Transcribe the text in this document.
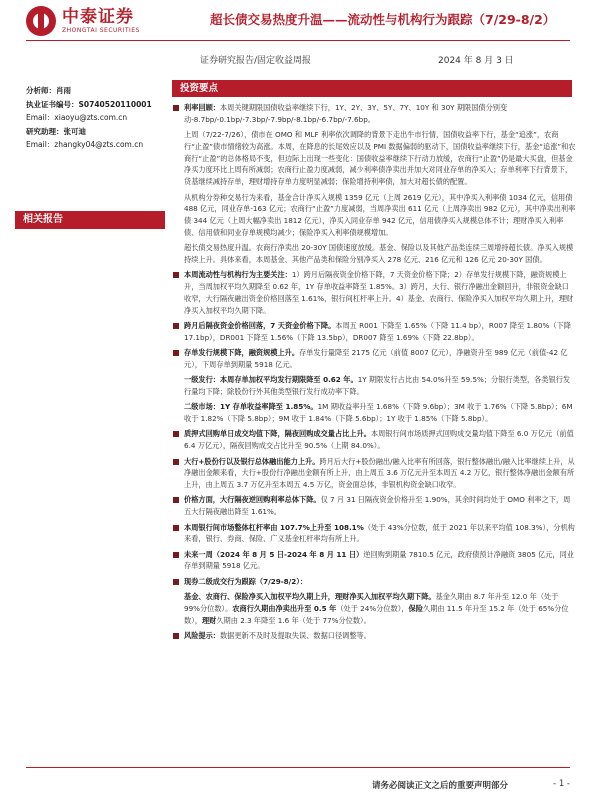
中泰证券
ZHONGTAI SECURITIES
超长债交易热度升温——流动性与机构行为跟踪（7/29-8/2）
证券研究报告/固定收益周报	2024 年 8 月 3 日
分析师：肖雨
执业证书编号：S0740520110001
Email：xiaoyu@zts.com.cn
研究助理：张可迪
Email：zhangky04@zts.com.cn
相关报告
投资要点
利率回顾：本周关键期限国债收益率继续下行，1Y、2Y、3Y、5Y、7Y、10Y 和 30Y 期限国债分别变动-8.7bp/-0.1bp/-7.3bp/-7.9bp/-8.1bp/-6.7bp/-7.6bp。
上周（7/22-7/26），债市在 OMO 和 MLF 利率依次调降的背景下走出牛市行情，国债收益率下行，基金“追涨”，农商行“止盈”债市情绪较为高涨。本周，在降息的长尾效应以及 PMI 数据偏弱的驱动下，国债收益率继续下行，基金“追涨”和农商行“止盈”的总体格局不变，但边际上出现一些变化：国债收益率继续下行动力放缓，农商行“止盈”仍是最大买盘，但基金净买力度环比上周有所减弱；农商行止盈力度减弱，减少利率债净卖出并加大对同业存单的净买入；存单利率下行背景下，货基继续减持存单，理财增持存单力度明显减弱；保险增持利率债，加大对超长债的配置。
从机构分券种交易行为来看，基金合计净买入规模 1359 亿元（上周 2619 亿元），其中净买入利率债 1034 亿元，信用债 488 亿元，同业存单-163 亿元；农商行“止盈”力度减弱，当周净卖出 611 亿元（上周净卖出 982 亿元），其中净卖出利率债 344 亿元（上周大幅净卖出 1812 亿元），净买入同业存单 942 亿元，信用债净买入规模总体不计；理财净买入利率债、信用债和同业存单规模均减少；保险净买入利率债规模增加。
超长债交易热度升温。农商行净卖出 20-30Y 国债速度放缓。基金、保险以及其他产品类连续三周增持超长债。净买入规模持续上升。具体来看，本周基金、其他产品类和保险分别净买入 278 亿元、216 亿元和 126 亿元 20-30Y 国债。
本周流动性与机构行为主要关注：1）跨月后隔夜资金价格下降，7 天资金价格下降；2）存单发行规模下降，融资规模上升，当周加权平均久期降至 0.62 年，1Y 存单收益率降至 1.85%。3）跨月，大行、银行净融出金额回升，非银资金缺口收窄，大行隔夜融出资金价格回落至 1.61%，银行间杠杆率上升。4）基金、农商行、保险净买入加权平均久期上升，理财净买入加权平均久期下降。
跨月后隔夜资金价格回落，7 天资金价格下降。本周五 R001 下降至 1.65%（下降 11.4 bp），R007 降至 1.80%（下降 17.1bp），DR001 下降至 1.56%（下降 13.5bp），DR007 降至 1.69%（下降 22.8bp）。
存单发行规模下降，融资规模上升。存单发行量降至 2175 亿元（前值 8007 亿元），净融资升至 989 亿元（前值-42 亿元），下周存单到期量 5918 亿元。
一级发行：本周存单加权平均发行期限降至 0.62 年。1Y 期限发行占比由 54.0%升至 59.5%；分银行类型，各类银行发行量均下降；除股份行外其他类型银行发行成功率下降。
二级市场：1Y 存单收益率降至 1.85%。1M 期收益率升至 1.68%（下降 9.6bp）；3M 收于 1.76%（下降 5.8bp）；6M 收于 1.82%（下降 5.8bp）；9M 收于 1.84%（下降 5.6bp）；1Y 收于 1.85%（下降 5.8bp）。
质押式回购单日成交均值下降，隔夜回购成交量占比上升。本周银行间市场质押式回购成交量均值下降至 6.0 万亿元（前值 6.4 万亿元），隔夜回购成交占比升至 90.5%（上期 84.0%）。
大行+股份行以及银行总体融出能力上升。跨月后大行+股份融出/融入比率有所回落，银行整体融出/融入比率继续上升，从净融出金额来看，大行+股份行净融出金额有所上升，由上周五 3.6 万亿元升至本周五 4.2 万亿，银行整体净融出金额有所上升，由上周五 3.7 万亿升至本周五 4.5 万亿，资金面总体，非银机构资金缺口收窄。
价格方面，大行隔夜逆回购利率总体下降。仅 7 月 31 日隔夜资金价格升至 1.90%，其余时间均处于 OMO 利率之下，周五大行隔夜融出降至 1.61%。
本周银行间市场整体杠杆率由 107.7%上升至 108.1%（处于 43%分位数，低于 2021 年以来平均值 108.3%），分机构来看，银行、券商、保险、广义基金杠杆率均有所上升。
未来一周（2024 年 8 月 5 日-2024 年 8 月 11 日）逆回购到期量 7810.5 亿元，政府债预计净融资 3805 亿元，同业存单到期量 5918 亿元。
现券二级成交行为跟踪（7/29-8/2）：
基金、农商行、保险净买入加权平均久期上升，理财净买入加权平均久期下降。基金久期由 8.7 年升至 12.0 年（处于 99%分位数）。农商行久期由净卖出升至 0.5 年（处于 24%分位数），保险久期由 11.5 年升至 15.2 年（处于 65%分位数），理财久期由 2.3 年降至 1.6 年（处于 77%分位数）。
风险提示：数据更新不及时及提取失误、数据口径调整等。
请务必阅读正文之后的重要声明部分	- 1 -
